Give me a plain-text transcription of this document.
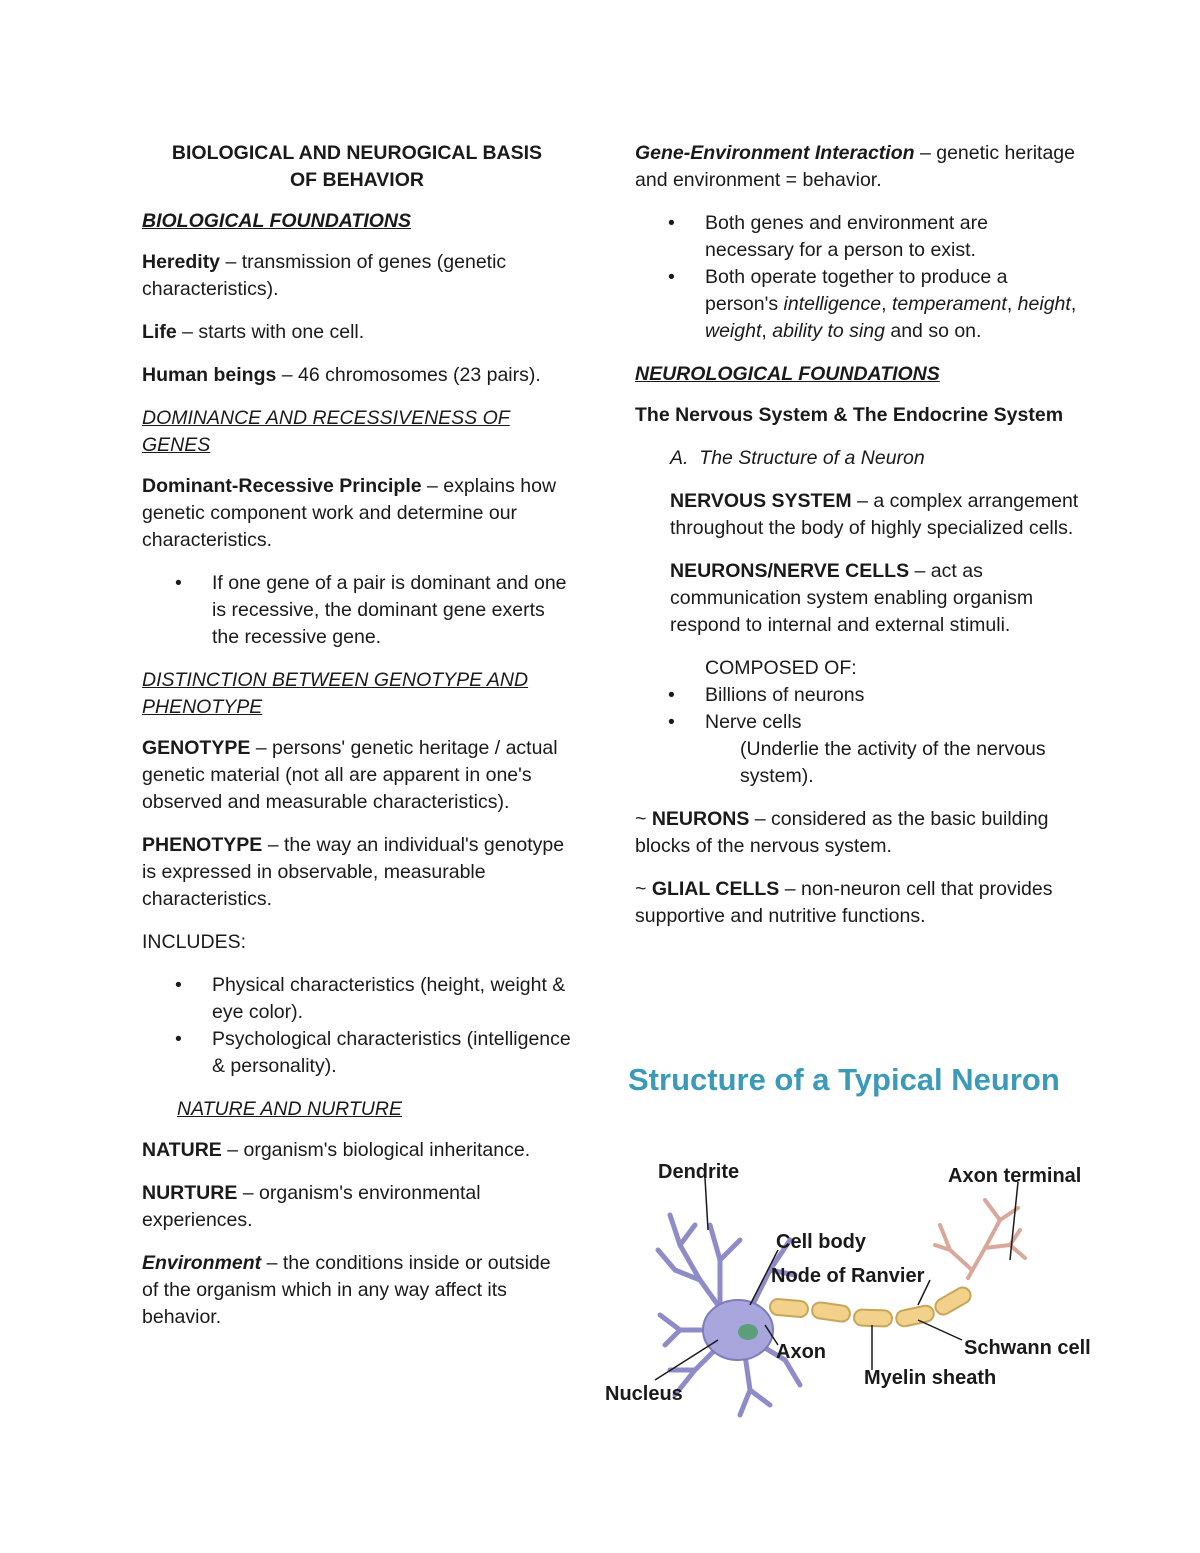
BIOLOGICAL AND NEUROGICAL BASIS
OF BEHAVIOR

BIOLOGICAL FOUNDATIONS

Heredity – transmission of genes (genetic characteristics).

Life – starts with one cell.

Human beings – 46 chromosomes (23 pairs).

DOMINANCE AND RECESSIVENESS OF GENES

Dominant-Recessive Principle – explains how genetic component work and determine our characteristics.

• If one gene of a pair is dominant and one is recessive, the dominant gene exerts the recessive gene.

DISTINCTION BETWEEN GENOTYPE AND PHENOTYPE

GENOTYPE – persons' genetic heritage / actual genetic material (not all are apparent in one's observed and measurable characteristics).

PHENOTYPE – the way an individual's genotype is expressed in observable, measurable characteristics.

INCLUDES:

• Physical characteristics (height, weight & eye color).
• Psychological characteristics (intelligence & personality).

NATURE AND NURTURE

NATURE – organism's biological inheritance.

NURTURE – organism's environmental experiences.

Environment – the conditions inside or outside of the organism which in any way affect its behavior.

Gene-Environment Interaction – genetic heritage and environment = behavior.

• Both genes and environment are necessary for a person to exist.
• Both operate together to produce a person's intelligence, temperament, height, weight, ability to sing and so on.

NEUROLOGICAL FOUNDATIONS

The Nervous System & The Endocrine System

A. The Structure of a Neuron

NERVOUS SYSTEM – a complex arrangement throughout the body of highly specialized cells.

NEURONS/NERVE CELLS – act as communication system enabling organism respond to internal and external stimuli.

COMPOSED OF:

• Billions of neurons
• Nerve cells

(Underlie the activity of the nervous system).

~ NEURONS – considered as the basic building blocks of the nervous system.

~ GLIAL CELLS – non-neuron cell that provides supportive and nutritive functions.

Structure of a Typical Neuron
Dendrite	Axon terminal
Cell body
Node of Ranvier
Axon	Schwann cell
Myelin sheath
Nucleus
